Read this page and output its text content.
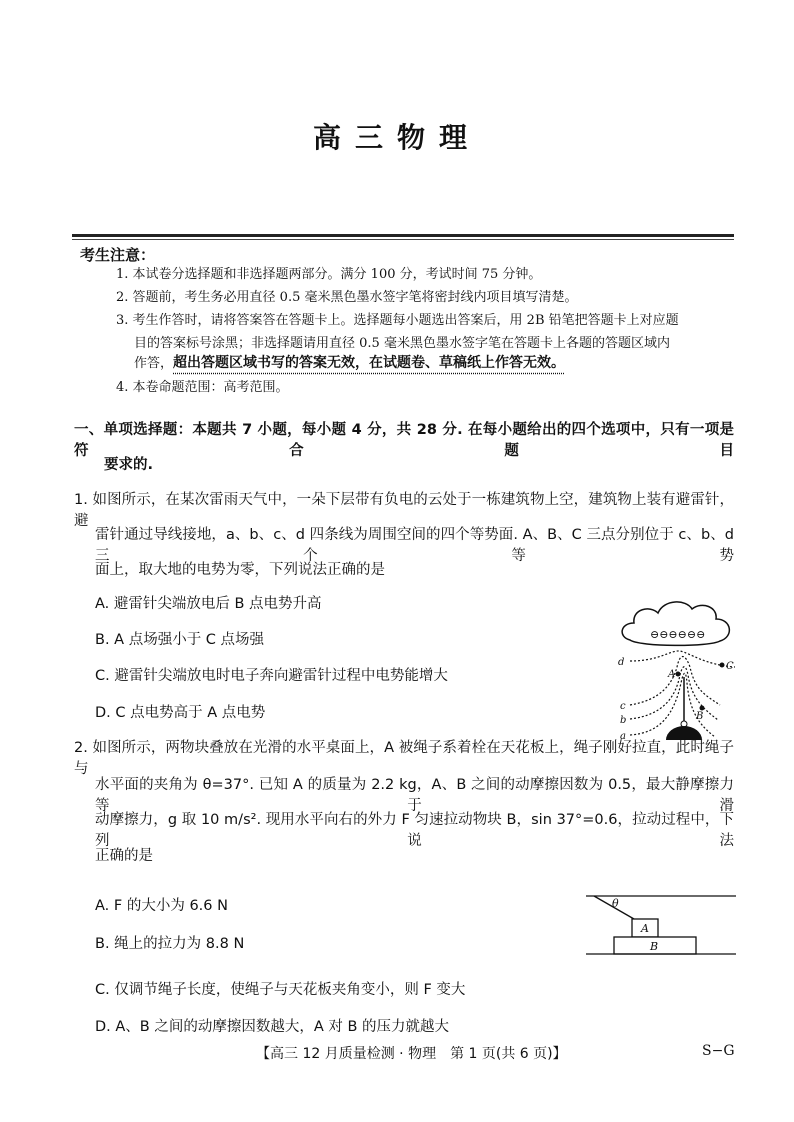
高三物理
考生注意：
1. 本试卷分选择题和非选择题两部分。满分 100 分，考试时间 75 分钟。
2. 答题前，考生务必用直径 0.5 毫米黑色墨水签字笔将密封线内项目填写清楚。
3. 考生作答时，请将答案答在答题卡上。选择题每小题选出答案后，用 2B 铅笔把答题卡上对应题
目的答案标号涂黑；非选择题请用直径 0.5 毫米黑色墨水签字笔在答题卡上各题的答题区域内
作答，超出答题区域书写的答案无效，在试题卷、草稿纸上作答无效。
4. 本卷命题范围：高考范围。
一、单项选择题：本题共 7 小题，每小题 4 分，共 28 分. 在每小题给出的四个选项中，只有一项是符合题目
要求的.
1. 如图所示，在某次雷雨天气中，一朵下层带有负电的云处于一栋建筑物上空，建筑物上装有避雷针，避
雷针通过导线接地，a、b、c、d 四条线为周围空间的四个等势面. A、B、C 三点分别位于 c、b、d 三个等势
面上，取大地的电势为零，下列说法正确的是
A. 避雷针尖端放电后 B 点电势升高
B. A 点场强小于 C 点场强
C. 避雷针尖端放电时电子奔向避雷针过程中电势能增大
D. C 点电势高于 A 点电势
⊖⊖⊖⊖⊖⊖
d
c
b
a
A
C
B
2. 如图所示，两物块叠放在光滑的水平桌面上，A 被绳子系着栓在天花板上，绳子刚好拉直，此时绳子与
水平面的夹角为 θ=37°. 已知 A 的质量为 2.2 kg，A、B 之间的动摩擦因数为 0.5，最大静摩擦力等于滑
动摩擦力，g 取 10 m/s². 现用水平向右的外力 F 匀速拉动物块 B，sin 37°=0.6，拉动过程中，下列说法
正确的是
A. F 的大小为 6.6 N
B. 绳上的拉力为 8.8 N
C. 仅调节绳子长度，使绳子与天花板夹角变小，则 F 变大
D. A、B 之间的动摩擦因数越大，A 对 B 的压力就越大
θ
A
B
【高三 12 月质量检测 · 物理　第 1 页(共 6 页)】	S−G
